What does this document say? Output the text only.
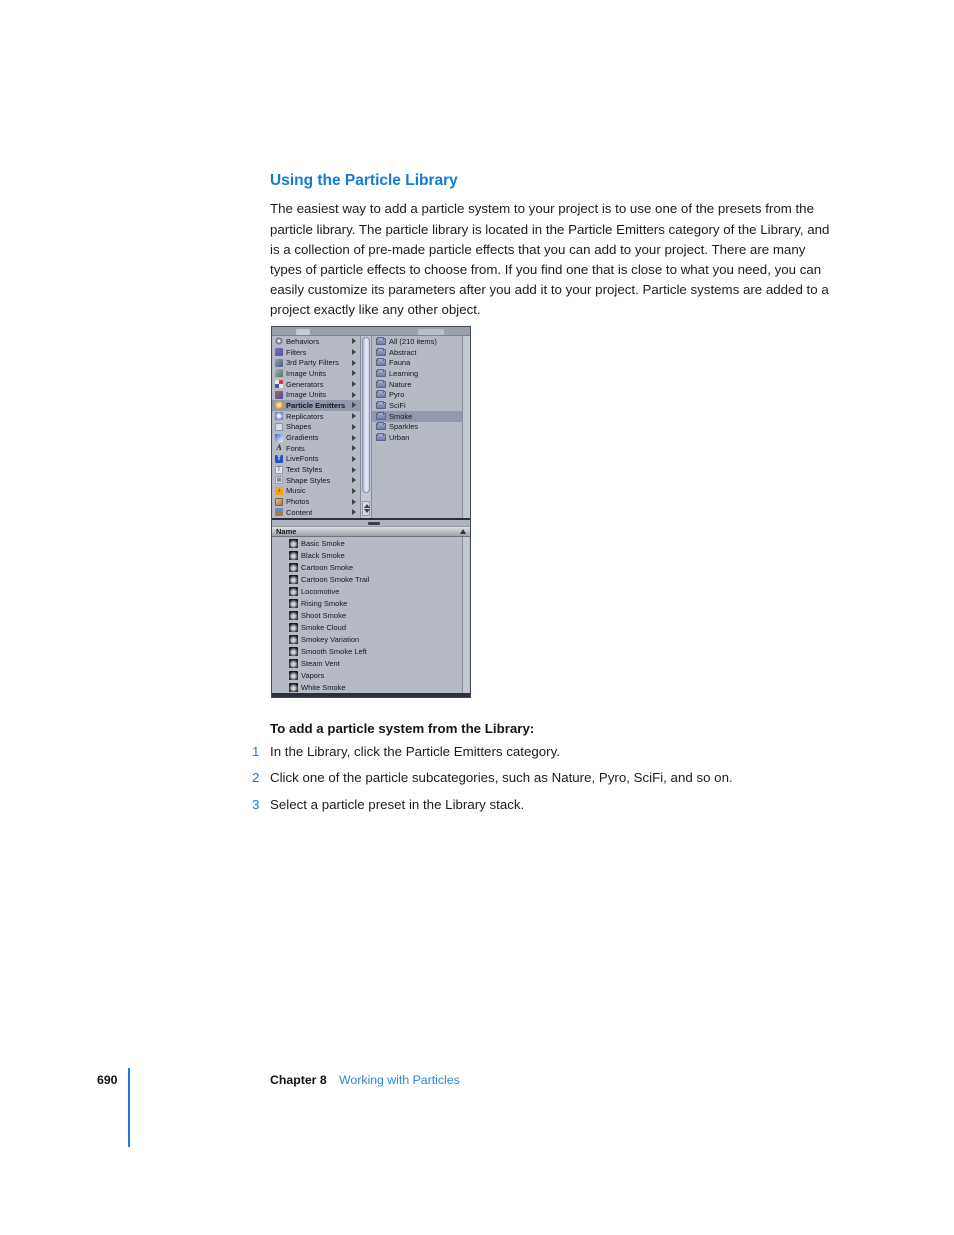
Using the Particle Library

The easiest way to add a particle system to your project is to use one of the presets from the particle library. The particle library is located in the Particle Emitters category of the Library, and is a collection of pre-made particle effects that you can add to your project. There are many types of particle effects to choose from. If you find one that is close to what you need, you can easily customize its parameters after you add it to your project. Particle systems are added to a project exactly like any other object.

Behaviors
Filters
3rd Party Filters
Image Units
Generators
Image Units
Particle Emitters
Replicators
Shapes
Gradients
A
Fonts
T
LiveFonts
T
Text Styles
▦
Shape Styles
♪
Music
Photos
Content
All (210 items)
Abstract
Fauna
Learning
Nature
Pyro
SciFi
Smoke
Sparkles
Urban
Name
Basic Smoke
Black Smoke
Cartoon Smoke
Cartoon Smoke Trail
Locomotive
Rising Smoke
Shoot Smoke
Smoke Cloud
Smokey Variation
Smooth Smoke Left
Steam Vent
Vapors
White Smoke
To add a particle system from the Library:
1 In the Library, click the Particle Emitters category.
2 Click one of the particle subcategories, such as Nature, Pyro, SciFi, and so on.
3 Select a particle preset in the Library stack.
690	Chapter 8 Working with Particles
